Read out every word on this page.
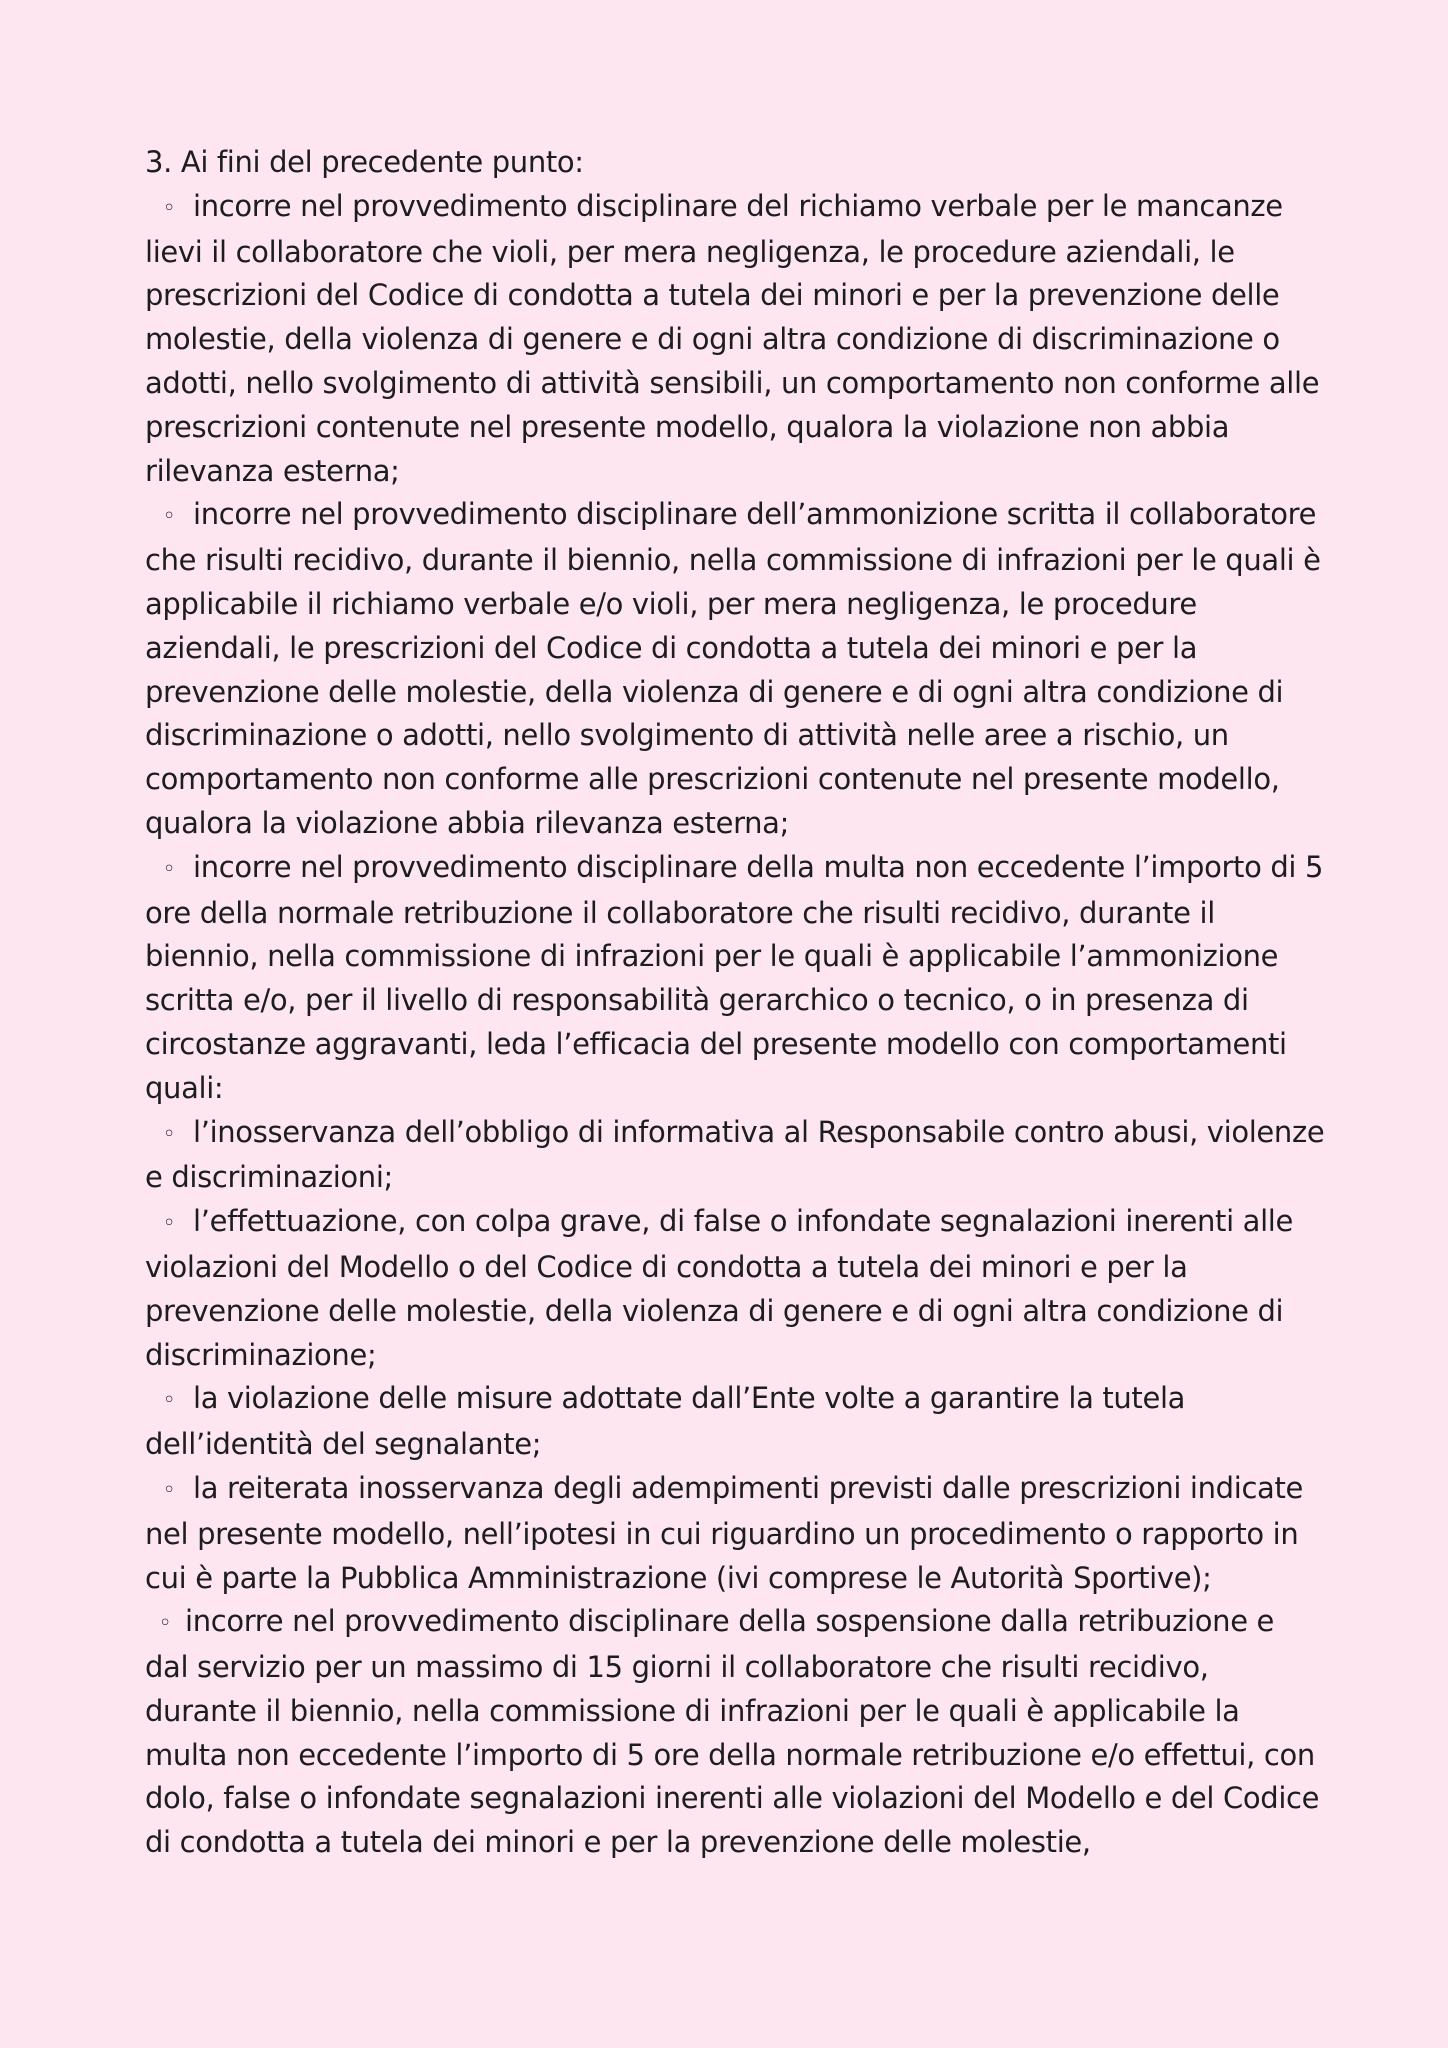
3. Ai fini del precedente punto:

◦ incorre nel provvedimento disciplinare del richiamo verbale per le mancanze lievi il collaboratore che violi, per mera negligenza, le procedure aziendali, le prescrizioni del Codice di condotta a tutela dei minori e per la prevenzione delle molestie, della violenza di genere e di ogni altra condizione di discriminazione o adotti, nello svolgimento di attività sensibili, un comportamento non conforme alle prescrizioni contenute nel presente modello, qualora la violazione non abbia rilevanza esterna;

◦ incorre nel provvedimento disciplinare dell’ammonizione scritta il collaboratore che risulti recidivo, durante il biennio, nella commissione di infrazioni per le quali è applicabile il richiamo verbale e/o violi, per mera negligenza, le procedure aziendali, le prescrizioni del Codice di condotta a tutela dei minori e per la prevenzione delle molestie, della violenza di genere e di ogni altra condizione di discriminazione o adotti, nello svolgimento di attività nelle aree a rischio, un comportamento non conforme alle prescrizioni contenute nel presente modello, qualora la violazione abbia rilevanza esterna;

◦ incorre nel provvedimento disciplinare della multa non eccedente l’importo di 5 ore della normale retribuzione il collaboratore che risulti recidivo, durante il biennio, nella commissione di infrazioni per le quali è applicabile l’ammonizione scritta e/o, per il livello di responsabilità gerarchico o tecnico, o in presenza di circostanze aggravanti, leda l’efficacia del presente modello con comportamenti quali:

◦ l’inosservanza dell’obbligo di informativa al Responsabile contro abusi, violenze e discriminazioni;

◦ l’effettuazione, con colpa grave, di false o infondate segnalazioni inerenti alle violazioni del Modello o del Codice di condotta a tutela dei minori e per la prevenzione delle molestie, della violenza di genere e di ogni altra condizione di discriminazione;

◦ la violazione delle misure adottate dall’Ente volte a garantire la tutela dell’identità del segnalante;

◦ la reiterata inosservanza degli adempimenti previsti dalle prescrizioni indicate nel presente modello, nell’ipotesi in cui riguardino un procedimento o rapporto in cui è parte la Pubblica Amministrazione (ivi comprese le Autorità Sportive);

◦ incorre nel provvedimento disciplinare della sospensione dalla retribuzione e dal servizio per un massimo di 15 giorni il collaboratore che risulti recidivo, durante il biennio, nella commissione di infrazioni per le quali è applicabile la multa non eccedente l’importo di 5 ore della normale retribuzione e/o effettui, con dolo, false o infondate segnalazioni inerenti alle violazioni del Modello e del Codice di condotta a tutela dei minori e per la prevenzione delle molestie,
